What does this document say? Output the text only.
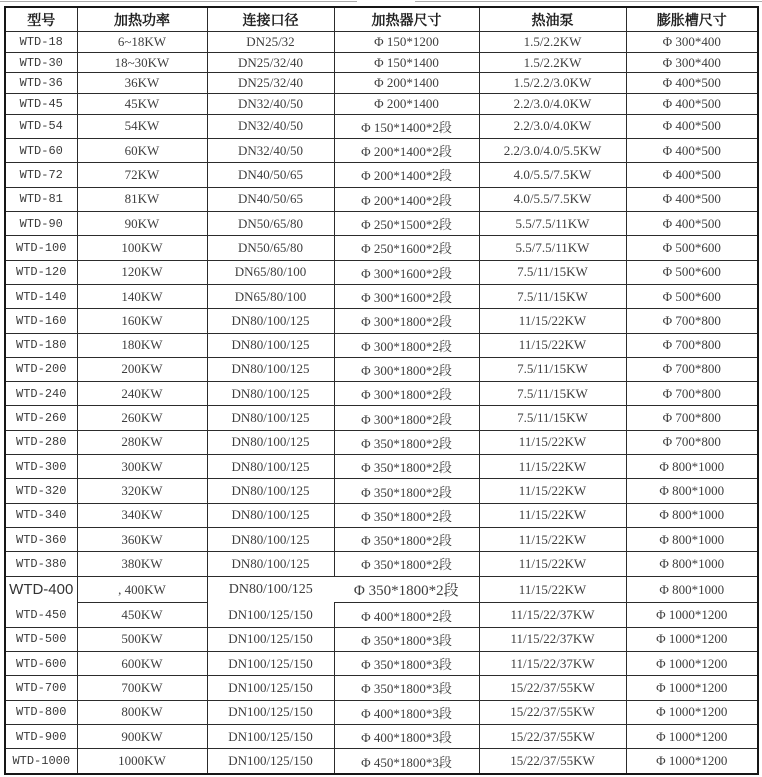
型号	加热功率	连接口径	加热器尺寸	热油泵	膨胀槽尺寸
WTD-18	6~18KW	DN25/32	Φ 150*1200	1.5/2.2KW	Φ 300*400
WTD-30	18~30KW	DN25/32/40	Φ 150*1400	1.5/2.2KW	Φ 300*400
WTD-36	36KW	DN25/32/40	Φ 200*1400	1.5/2.2/3.0KW	Φ 400*500
WTD-45	45KW	DN32/40/50	Φ 200*1400	2.2/3.0/4.0KW	Φ 400*500
WTD-54	54KW	DN32/40/50	Φ 150*1400*2段	2.2/3.0/4.0KW	Φ 400*500
WTD-60	60KW	DN32/40/50	Φ 200*1400*2段	2.2/3.0/4.0/5.5KW	Φ 400*500
WTD-72	72KW	DN40/50/65	Φ 200*1400*2段	4.0/5.5/7.5KW	Φ 400*500
WTD-81	81KW	DN40/50/65	Φ 200*1400*2段	4.0/5.5/7.5KW	Φ 400*500
WTD-90	90KW	DN50/65/80	Φ 250*1500*2段	5.5/7.5/11KW	Φ 400*500
WTD-100	100KW	DN50/65/80	Φ 250*1600*2段	5.5/7.5/11KW	Φ 500*600
WTD-120	120KW	DN65/80/100	Φ 300*1600*2段	7.5/11/15KW	Φ 500*600
WTD-140	140KW	DN65/80/100	Φ 300*1600*2段	7.5/11/15KW	Φ 500*600
WTD-160	160KW	DN80/100/125	Φ 300*1800*2段	11/15/22KW	Φ 700*800
WTD-180	180KW	DN80/100/125	Φ 300*1800*2段	11/15/22KW	Φ 700*800
WTD-200	200KW	DN80/100/125	Φ 300*1800*2段	7.5/11/15KW	Φ 700*800
WTD-240	240KW	DN80/100/125	Φ 300*1800*2段	7.5/11/15KW	Φ 700*800
WTD-260	260KW	DN80/100/125	Φ 300*1800*2段	7.5/11/15KW	Φ 700*800
WTD-280	280KW	DN80/100/125	Φ 350*1800*2段	11/15/22KW	Φ 700*800
WTD-300	300KW	DN80/100/125	Φ 350*1800*2段	11/15/22KW	Φ 800*1000
WTD-320	320KW	DN80/100/125	Φ 350*1800*2段	11/15/22KW	Φ 800*1000
WTD-340	340KW	DN80/100/125	Φ 350*1800*2段	11/15/22KW	Φ 800*1000
WTD-360	360KW	DN80/100/125	Φ 350*1800*2段	11/15/22KW	Φ 800*1000
WTD-380	380KW	DN80/100/125	Φ 350*1800*2段	11/15/22KW	Φ 800*1000
WTD-400	, 400KW	DN80/100/125	Φ 350*1800*2段	11/15/22KW	Φ 800*1000
WTD-450	450KW	DN100/125/150	Φ 400*1800*2段	11/15/22/37KW	Φ 1000*1200
WTD-500	500KW	DN100/125/150	Φ 350*1800*3段	11/15/22/37KW	Φ 1000*1200
WTD-600	600KW	DN100/125/150	Φ 350*1800*3段	11/15/22/37KW	Φ 1000*1200
WTD-700	700KW	DN100/125/150	Φ 350*1800*3段	15/22/37/55KW	Φ 1000*1200
WTD-800	800KW	DN100/125/150	Φ 400*1800*3段	15/22/37/55KW	Φ 1000*1200
WTD-900	900KW	DN100/125/150	Φ 400*1800*3段	15/22/37/55KW	Φ 1000*1200
WTD-1000	1000KW	DN100/125/150	Φ 450*1800*3段	15/22/37/55KW	Φ 1000*1200
